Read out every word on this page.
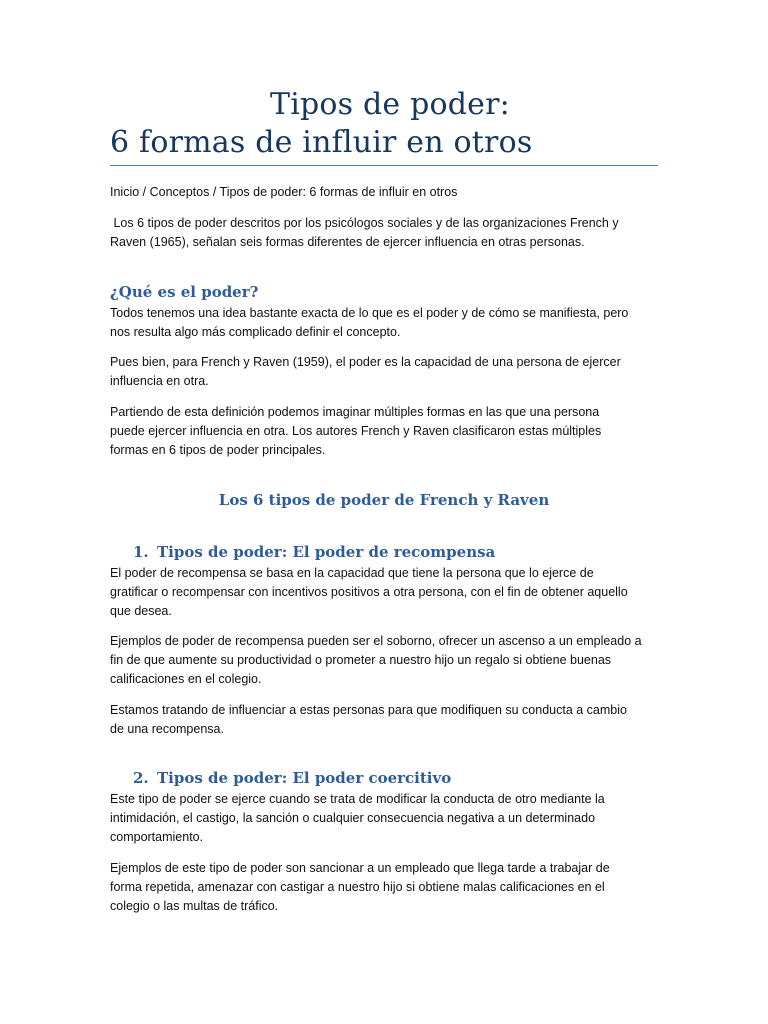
Tipos de poder:
6 formas de influir en otros

Inicio / Conceptos / Tipos de poder: 6 formas de influir en otros

Los 6 tipos de poder descritos por los psicólogos sociales y de las organizaciones French y

Raven (1965), señalan seis formas diferentes de ejercer influencia en otras personas.

¿Qué es el poder?

Todos tenemos una idea bastante exacta de lo que es el poder y de cómo se manifiesta, pero

nos resulta algo más complicado definir el concepto.

Pues bien, para French y Raven (1959), el poder es la capacidad de una persona de ejercer

influencia en otra.

Partiendo de esta definición podemos imaginar múltiples formas en las que una persona

puede ejercer influencia en otra. Los autores French y Raven clasificaron estas múltiples

formas en 6 tipos de poder principales.

Los 6 tipos de poder de French y Raven
1. Tipos de poder: El poder de recompensa

El poder de recompensa se basa en la capacidad que tiene la persona que lo ejerce de

gratificar o recompensar con incentivos positivos a otra persona, con el fin de obtener aquello

que desea.

Ejemplos de poder de recompensa pueden ser el soborno, ofrecer un ascenso a un empleado a

fin de que aumente su productividad o prometer a nuestro hijo un regalo si obtiene buenas

calificaciones en el colegio.

Estamos tratando de influenciar a estas personas para que modifiquen su conducta a cambio

de una recompensa.

2. Tipos de poder: El poder coercitivo

Este tipo de poder se ejerce cuando se trata de modificar la conducta de otro mediante la

intimidación, el castigo, la sanción o cualquier consecuencia negativa a un determinado

comportamiento.

Ejemplos de este tipo de poder son sancionar a un empleado que llega tarde a trabajar de

forma repetida, amenazar con castigar a nuestro hijo si obtiene malas calificaciones en el

colegio o las multas de tráfico.
